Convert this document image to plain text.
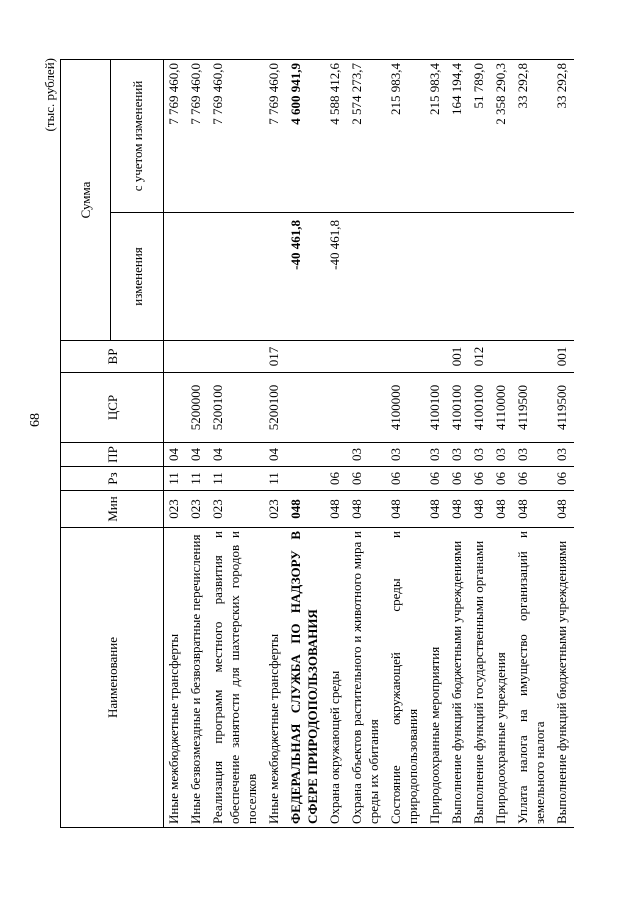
68
(тыс. рублей)
Наименование	Мин	Рз	ПР	ЦСР	ВР	Сумма	
						изменения	с учетом изменений
Иные межбюджетные трансферты	023	11	04				7 769 460,0
Иные безвозмездные и безвозвратные перечисления	023	11	04	5200000			7 769 460,0
Реализация программ местного развития и обеспечение занятости для шахтерских городов и поселков	023	11	04	5200100			7 769 460,0
Иные межбюджетные трансферты	023	11	04	5200100	017		7 769 460,0
ФЕДЕРАЛЬНАЯ СЛУЖБА ПО НАДЗОРУ В СФЕРЕ ПРИРОДОПОЛЬЗОВАНИЯ	048					-40 461,8	4 600 941,9
Охрана окружающей среды	048	06				-40 461,8	4 588 412,6
Охрана объектов растительного и животного мира и среды их обитания	048	06	03				2 574 273,7
Состояние окружающей среды и природопользования	048	06	03	4100000			215 983,4
Природоохранные мероприятия	048	06	03	4100100			215 983,4
Выполнение функций бюджетными учреждениями	048	06	03	4100100	001		164 194,4
Выполнение функций государственными органами	048	06	03	4100100	012		51 789,0
Природоохранные учреждения	048	06	03	4110000			2 358 290,3
Уплата налога на имущество организаций и земельного налога	048	06	03	4119500			33 292,8
Выполнение функций бюджетными учреждениями	048	06	03	4119500	001		33 292,8
